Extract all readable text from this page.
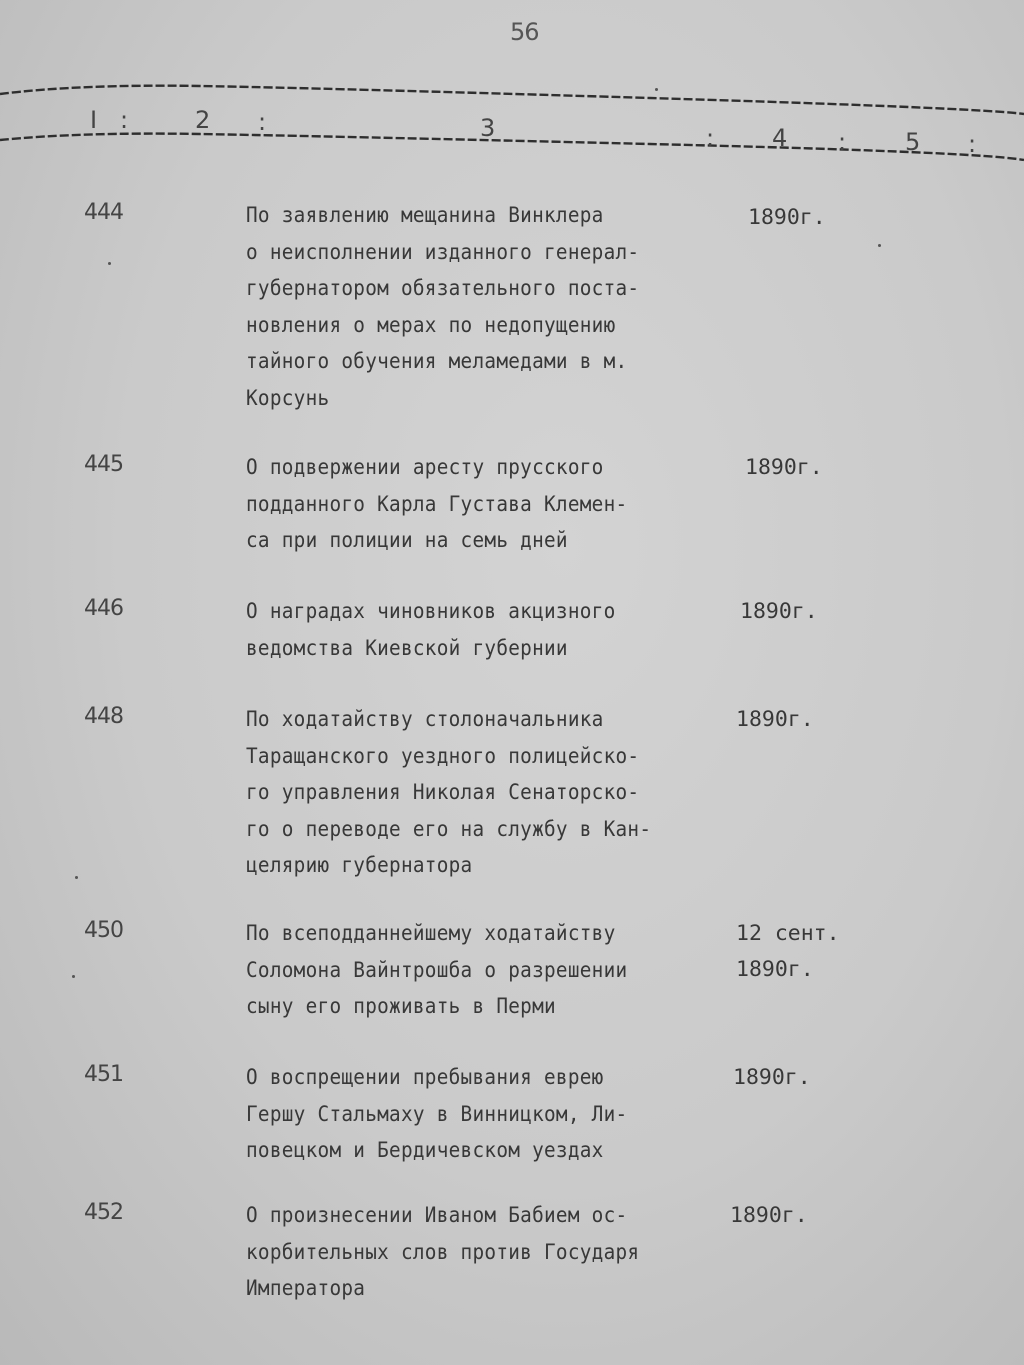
56
I :	2 :	3	: 4 : 5 :
444	По заявлению мещанина Винклера
о неисполнении изданного генерал-
губернатором обязательного поста-
новления о мерах по недопущению
тайного обучения меламедами в м.
Корсунь
1890г.
445	О подвержении аресту прусского
подданного Карла Густава Клемен-
са при полиции на семь дней
1890г.
446	О наградах чиновников акцизного
ведомства Киевской губернии
1890г.
448	По ходатайству столоначальника
Таращанского уездного полицейско-
го управления Николая Сенаторско-
го о переводе его на службу в Кан-
целярию губернатора
1890г.
450	По всеподданнейшему ходатайству
Соломона Вайнтрошба о разрешении
сыну его проживать в Перми
12 сент.
1890г.
451	О воспрещении пребывания еврею
Гершу Стальмаху в Винницком, Ли-
повецком и Бердичевском уездах
1890г.
452	О произнесении Иваном Бабием ос-
корбительных слов против Государя
Императора
1890г.
